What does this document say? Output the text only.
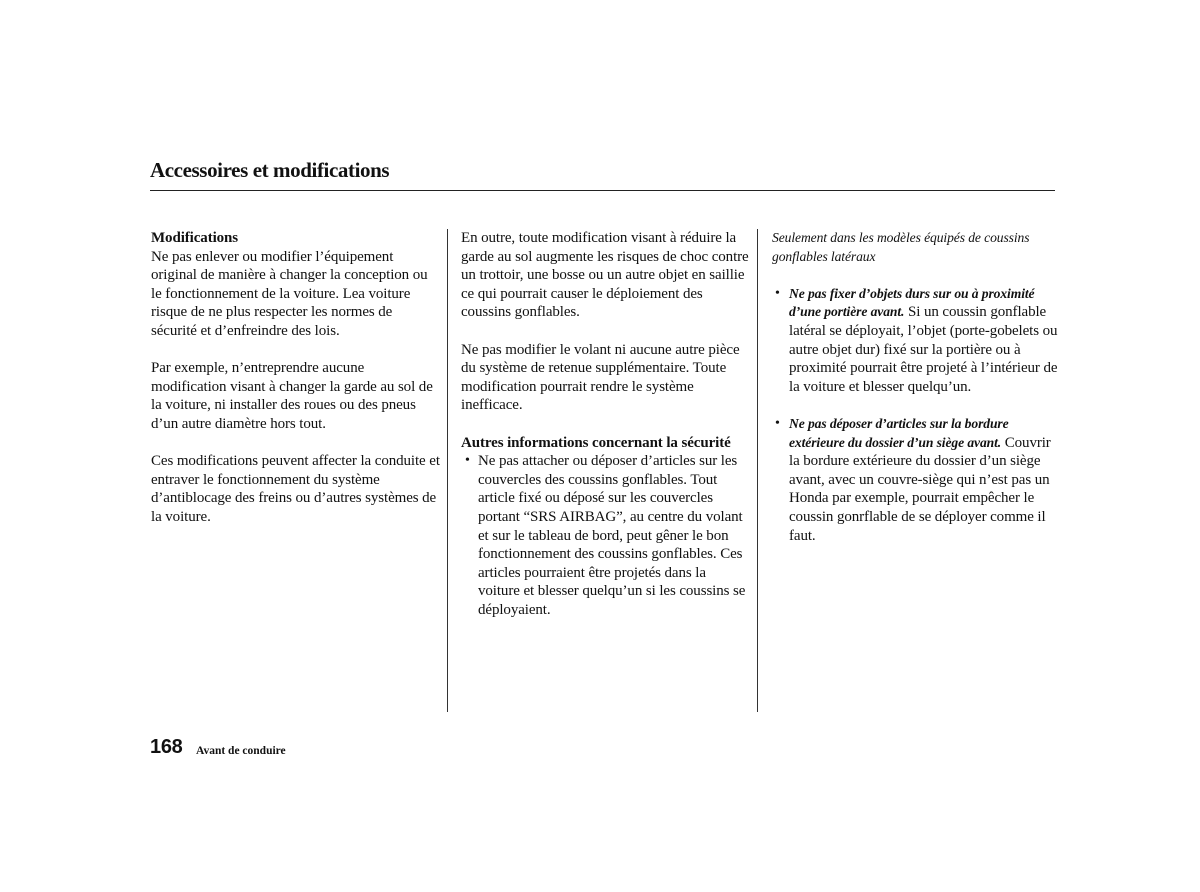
Accessoires et modifications
Modifications

Ne pas enlever ou modifier l’équipement original de manière à changer la conception ou le fonctionnement de la voiture. Lea voiture risque de ne plus respecter les normes de sécurité et d’enfreindre des lois.

Par exemple, n’entreprendre aucune modification visant à changer la garde au sol de la voiture, ni installer des roues ou des pneus d’un autre diamètre hors tout.

Ces modifications peuvent affecter la conduite et entraver le fonctionnement du système d’antiblocage des freins ou d’autres systèmes de la voiture.

En outre, toute modification visant à réduire la garde au sol augmente les risques de choc contre un trottoir, une bosse ou un autre objet en saillie ce qui pourrait causer le déploiement des coussins gonflables.

Ne pas modifier le volant ni aucune autre pièce du système de retenue supplémentaire. Toute modification pourrait rendre le système inefficace.

Autres informations concernant la sécurité
• Ne pas attacher ou déposer d’articles sur les couvercles des coussins gonflables. Tout article fixé ou déposé sur les couvercles portant “SRS AIRBAG”, au centre du volant et sur le tableau de bord, peut gêner le bon fonctionnement des coussins gonflables. Ces articles pourraient être projetés dans la voiture et blesser quelqu’un si les coussins se déployaient.

Seulement dans les modèles équipés de coussins gonflables latéraux

• Ne pas fixer d’objets durs sur ou à proximité d’une portière avant. Si un coussin gonflable latéral se déployait, l’objet (porte-gobelets ou autre objet dur) fixé sur la portière ou à proximité pourrait être projeté à l’intérieur de la voiture et blesser quelqu’un.
• Ne pas déposer d’articles sur la bordure extérieure du dossier d’un siège avant. Couvrir la bordure extérieure du dossier d’un siège avant, avec un couvre-siège qui n’est pas un Honda par exemple, pourrait empêcher le coussin gonrflable de se déployer comme il faut.
168 Avant de conduire
